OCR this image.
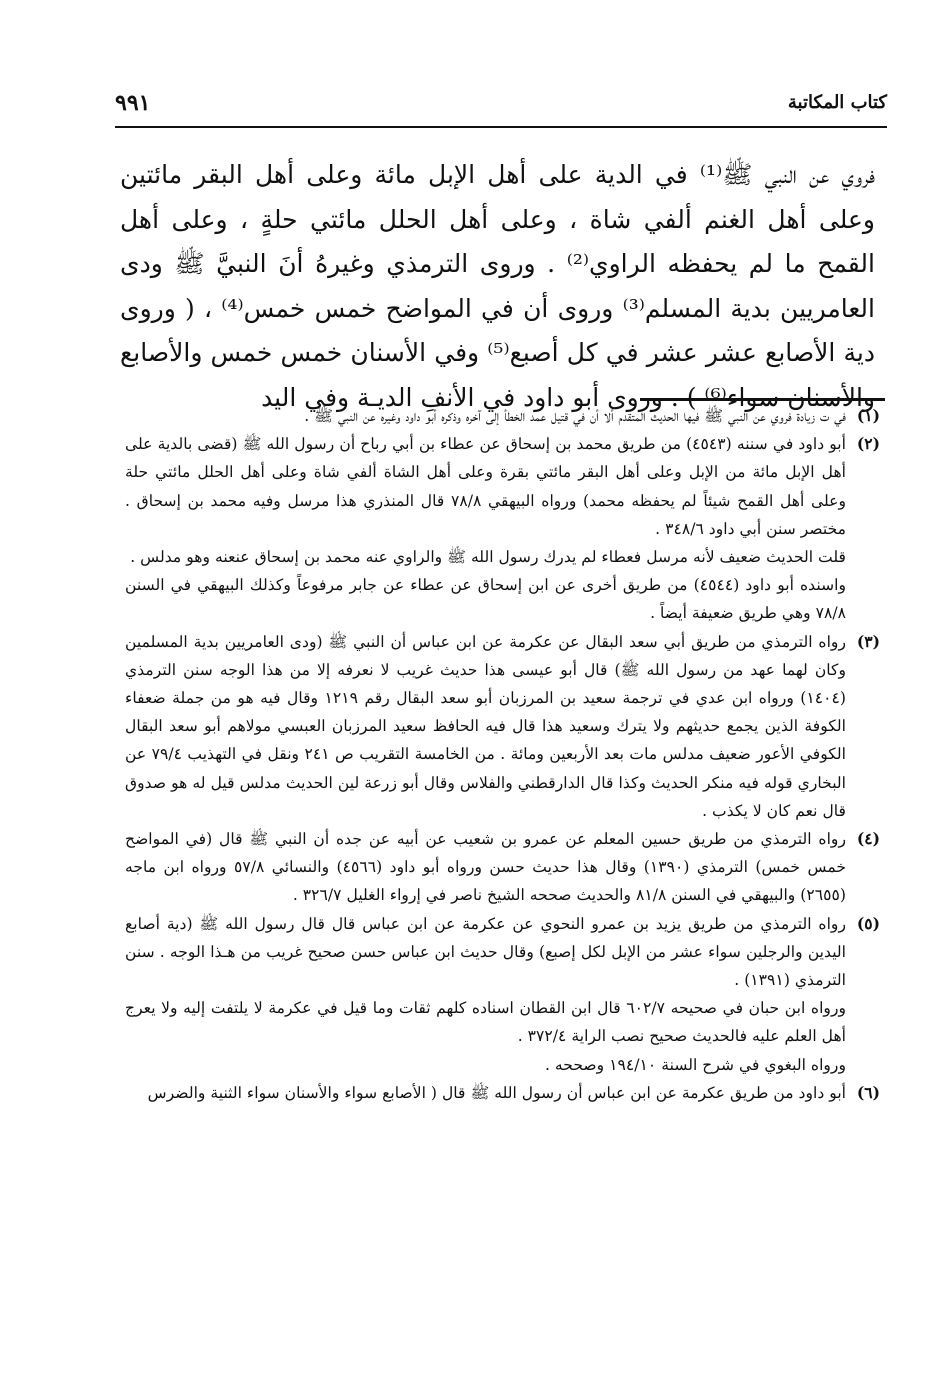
كتاب المكاتبة
٩٩١

فروي عن النبي ﷺ⁽¹⁾ في الدية على أهل الإبل مائة وعلى أهل البقر مائتين وعلى أهل الغنم ألفي شاة ، وعلى أهل الحلل مائتي حلةٍ ، وعلى أهل القمح ما لم يحفظه الراوي⁽²⁾ . وروى الترمذي وغيرهُ أنَ النبيَّ ﷺ ودى العامريين بدية المسلم⁽³⁾ وروى أن في المواضح خمس خمس⁽⁴⁾ ، ( وروى دية الأصابع عشر عشر في كل أصبع⁽⁵⁾ وفي الأسنان خمس خمس والأصابع والأسنان سواء⁽⁶⁾ ) . وروى أبو داود في الأنفِ الديـة وفي اليد

(١)

في ت زيادة فروي عن النبي ﷺ فيها الحديث المتقدم ألا أن في قتيل عمد الخطأ إلى آخره وذكره أبو داود وغيره عن النبي ﷺ .

(٢)

أبو داود في سننه (٤٥٤٣) من طريق محمد بن إسحاق عن عطاء بن أبي رباح أن رسول الله ﷺ (قضى بالدية على أهل الإبل مائة من الإبل وعلى أهل البقر مائتي بقرة وعلى أهل الشاة ألفي شاة وعلى أهل الحلل مائتي حلة وعلى أهل القمح شيئاً لم يحفظه محمد) ورواه البيهقي ٧٨/٨ قال المنذري هذا مرسل وفيه محمد بن إسحاق . مختصر سنن أبي داود ٣٤٨/٦ .

قلت الحديث ضعيف لأنه مرسل فعطاء لم يدرك رسول الله ﷺ والراوي عنه محمد بن إسحاق عنعنه وهو مدلس .

واسنده أبو داود (٤٥٤٤) من طريق أخرى عن ابن إسحاق عن عطاء عن جابر مرفوعاً وكذلك البيهقي في السنن ٧٨/٨ وهي طريق ضعيفة أيضاً .

(٣)

رواه الترمذي من طريق أبي سعد البقال عن عكرمة عن ابن عباس أن النبي ﷺ (ودى العامريين بدية المسلمين وكان لهما عهد من رسول الله ﷺ) قال أبو عيسى هذا حديث غريب لا نعرفه إلا من هذا الوجه سنن الترمذي (١٤٠٤) ورواه ابن عدي في ترجمة سعيد بن المرزبان أبو سعد البقال رقم ١٢١٩ وقال فيه هو من جملة ضعفاء الكوفة الذين يجمع حديثهم ولا يترك وسعيد هذا قال فيه الحافظ سعيد المرزبان العبسي مولاهم أبو سعد البقال الكوفي الأعور ضعيف مدلس مات بعد الأربعين ومائة . من الخامسة التقريب ص ٢٤١ ونقل في التهذيب ٧٩/٤ عن البخاري قوله فيه منكر الحديث وكذا قال الدارقطني والفلاس وقال أبو زرعة لين الحديث مدلس قيل له هو صدوق قال نعم كان لا يكذب .

(٤)

رواه الترمذي من طريق حسين المعلم عن عمرو بن شعيب عن أبيه عن جده أن النبي ﷺ قال (في المواضح خمس خمس) الترمذي (١٣٩٠) وقال هذا حديث حسن ورواه أبو داود (٤٥٦٦) والنسائي ٥٧/٨ ورواه ابن ماجه (٢٦٥٥) والبيهقي في السنن ٨١/٨ والحديث صححه الشيخ ناصر في إرواء الغليل ٣٢٦/٧ .

(٥)

رواه الترمذي من طريق يزيد بن عمرو النحوي عن عكرمة عن ابن عباس قال قال رسول الله ﷺ (دية أصابع اليدين والرجلين سواء عشر من الإبل لكل إصبع) وقال حديث ابن عباس حسن صحيح غريب من هـذا الوجه . سنن الترمذي (١٣٩١) .

ورواه ابن حبان في صحيحه ٦٠٢/٧ قال ابن القطان اسناده كلهم ثقات وما قيل في عكرمة لا يلتفت إليه ولا يعرج أهل العلم عليه فالحديث صحيح نصب الراية ٣٧٢/٤ .

ورواه البغوي في شرح السنة ١٩٤/١٠ وصححه .

(٦)

أبو داود من طريق عكرمة عن ابن عباس أن رسول الله ﷺ قال ( الأصابع سواء والأسنان سواء الثنية والضرس
